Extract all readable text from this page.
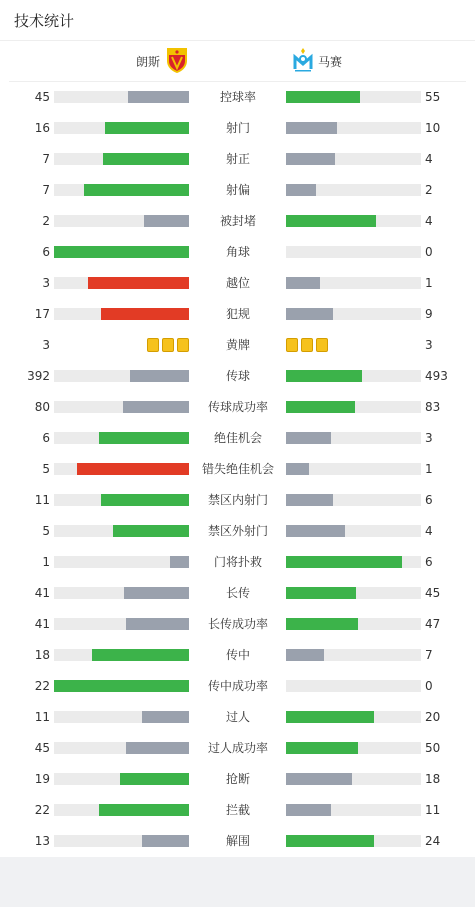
技术统计
朗斯	马赛
45	控球率	55
16	射门	10
7	射正	4
7	射偏	2
2	被封堵	4
6	角球	0
3	越位	1
17	犯规	9
3	黄牌	3
392	传球	493
80	传球成功率	83
6	绝佳机会	3
5	错失绝佳机会	1
11	禁区内射门	6
5	禁区外射门	4
1	门将扑救	6
41	长传	45
41	长传成功率	47
18	传中	7
22	传中成功率	0
11	过人	20
45	过人成功率	50
19	抢断	18
22	拦截	11
13	解围	24
